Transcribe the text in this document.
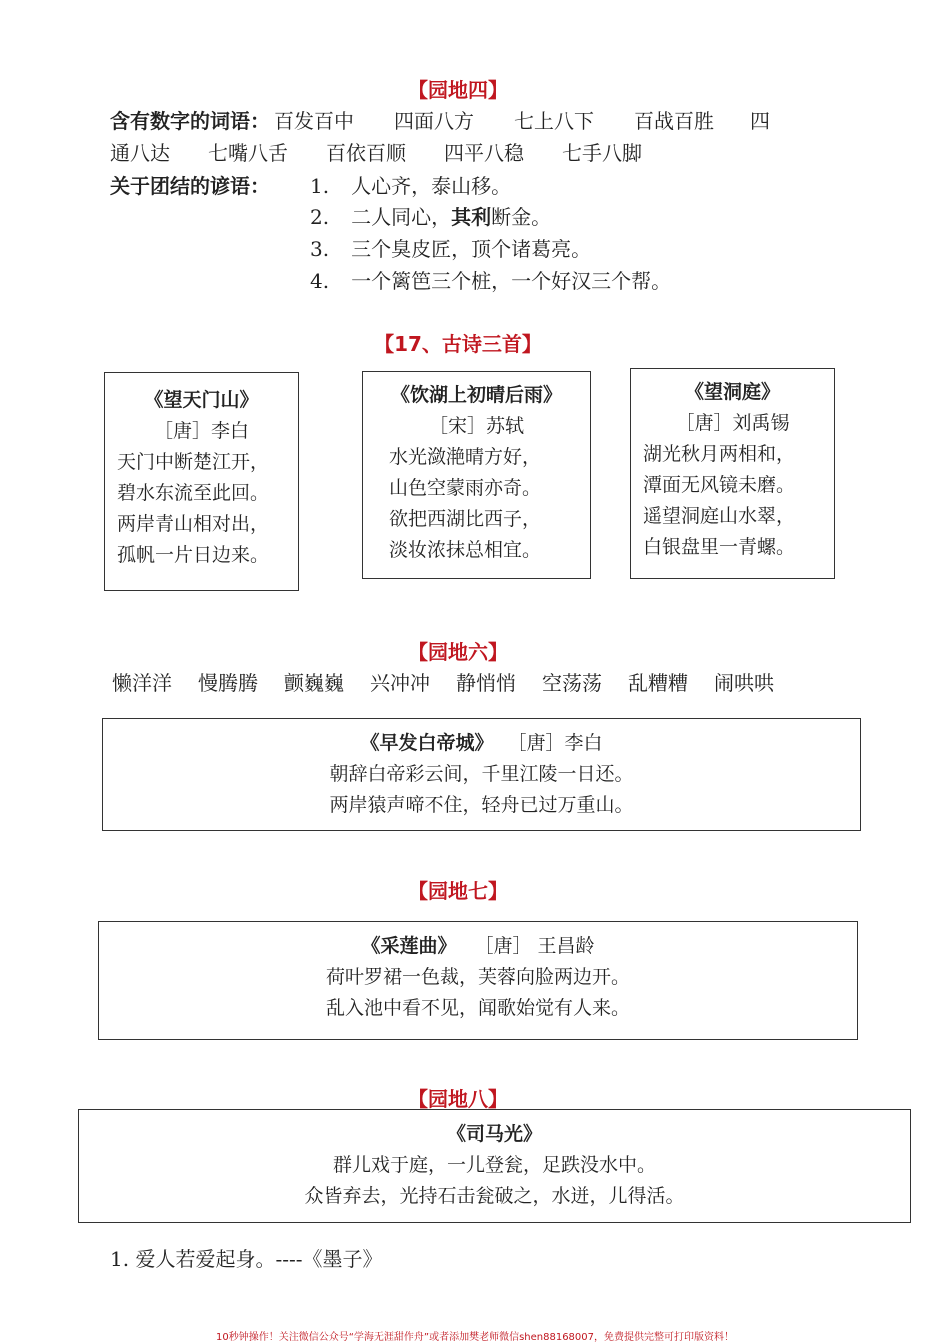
【园地四】
含有数字的词语： 百发百中 四面八方 七上八下 百战百胜 四
通八达 七嘴八舌 百依百顺 四平八稳 七手八脚
关于团结的谚语： 1. 人心齐，泰山移。
2. 二人同心，其利断金。
3. 三个臭皮匠，顶个诸葛亮。
4. 一个篱笆三个桩，一个好汉三个帮。
【17、古诗三首】
《望天门山》
［唐］李白
天门中断楚江开，
碧水东流至此回。
两岸青山相对出，
孤帆一片日边来。
《饮湖上初晴后雨》
［宋］苏轼
水光潋滟晴方好，
山色空蒙雨亦奇。
欲把西湖比西子，
淡妆浓抹总相宜。
《望洞庭》
［唐］刘禹锡
湖光秋月两相和，
潭面无风镜未磨。
遥望洞庭山水翠，
白银盘里一青螺。
【园地六】
懒洋洋 慢腾腾 颤巍巍 兴冲冲 静悄悄 空荡荡 乱糟糟 闹哄哄
《早发白帝城》 ［唐］李白
朝辞白帝彩云间，千里江陵一日还。
两岸猿声啼不住，轻舟已过万重山。
【园地七】
《采莲曲》 ［唐］ 王昌龄
荷叶罗裙一色裁，芙蓉向脸两边开。
乱入池中看不见，闻歌始觉有人来。
【园地八】
《司马光》
群儿戏于庭，一儿登瓮，足跌没水中。
众皆弃去，光持石击瓮破之，水迸，儿得活。
1. 爱人若爱起身。----《墨子》
10秒钟操作！关注微信公众号“学海无涯甜作舟”或者添加樊老师微信shen88168007，免费提供完整可打印版资料！
